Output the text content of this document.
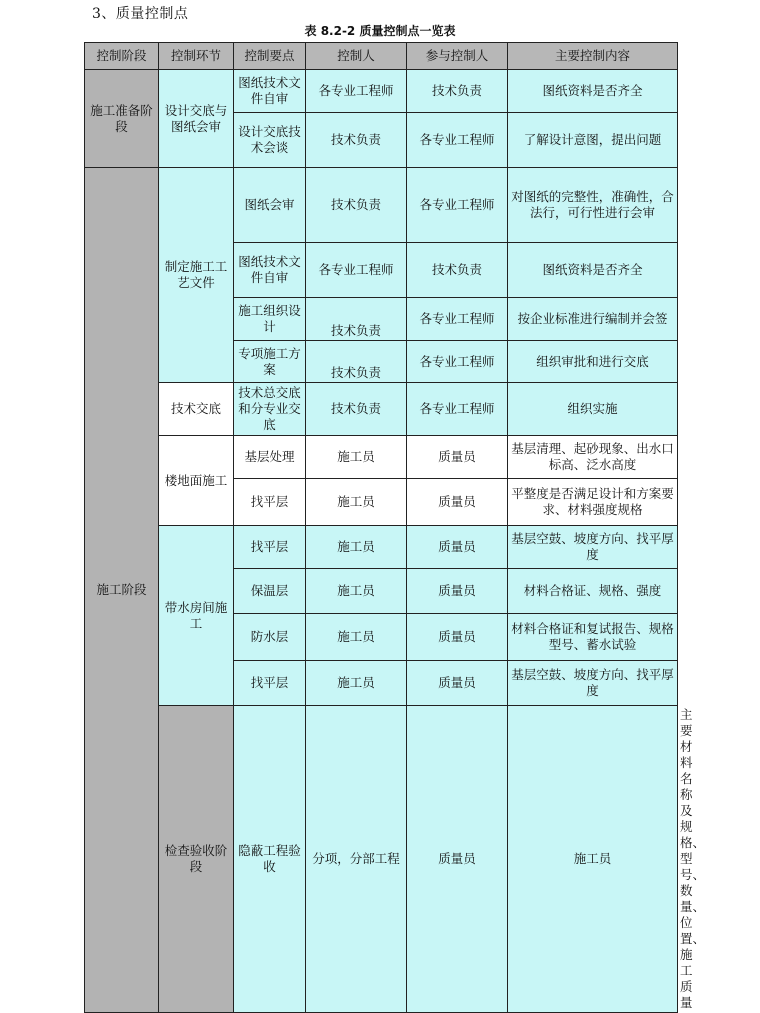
3、质量控制点
表 8.2-2 质量控制点一览表
控制阶段	控制环节	控制要点	控制人	参与控制人	主要控制内容	
施工准备阶段	设计交底与图纸会审	图纸技术文件自审	各专业工程师	技术负责	图纸资料是否齐全	
		设计交底技术会谈	技术负责	各专业工程师	了解设计意图，提出问题	
施工阶段	制定施工工艺文件	图纸会审	技术负责	各专业工程师	对图纸的完整性，准确性，合法行，可行性进行会审	
		图纸技术文件自审	各专业工程师	技术负责	图纸资料是否齐全	
		施工组织设计	技术负责	各专业工程师	按企业标准进行编制并会签	
		专项施工方案	技术负责	各专业工程师	组织审批和进行交底	
	技术交底	技术总交底和分专业交底	技术负责	各专业工程师	组织实施	
	楼地面施工	基层处理	施工员	质量员	基层清理、起砂现象、出水口标高、泛水高度	
		找平层	施工员	质量员	平整度是否满足设计和方案要求、材料强度规格	
	带水房间施工	找平层	施工员	质量员	基层空鼓、坡度方向、找平厚度	
		保温层	施工员	质量员	材料合格证、规格、强度	
		防水层	施工员	质量员	材料合格证和复试报告、规格型号、蓄水试验	
		找平层	施工员	质量员	基层空鼓、坡度方向、找平厚度	
	检查验收阶段	隐蔽工程验收	分项，分部工程	质量员	施工员	主要材料名称及规格、型号、数量、位置、施工质量
